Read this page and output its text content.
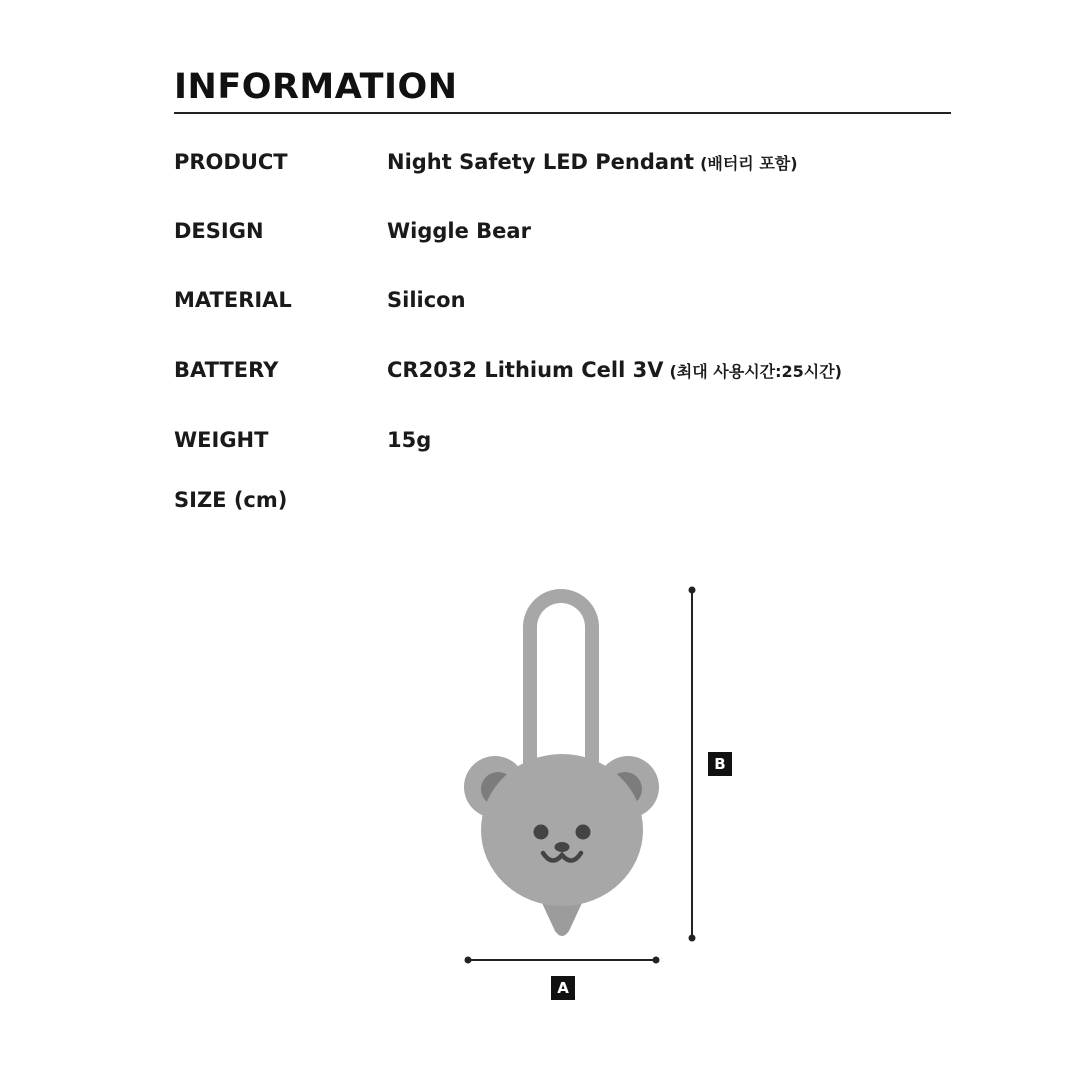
INFORMATION
PRODUCT	Night Safety LED Pendant (배터리 포함)
DESIGN	Wiggle Bear
MATERIAL	Silicon
BATTERY	CR2032 Lithium Cell 3V (최대 사용시간:25시간)
WEIGHT	15g
SIZE (cm)
B
A
